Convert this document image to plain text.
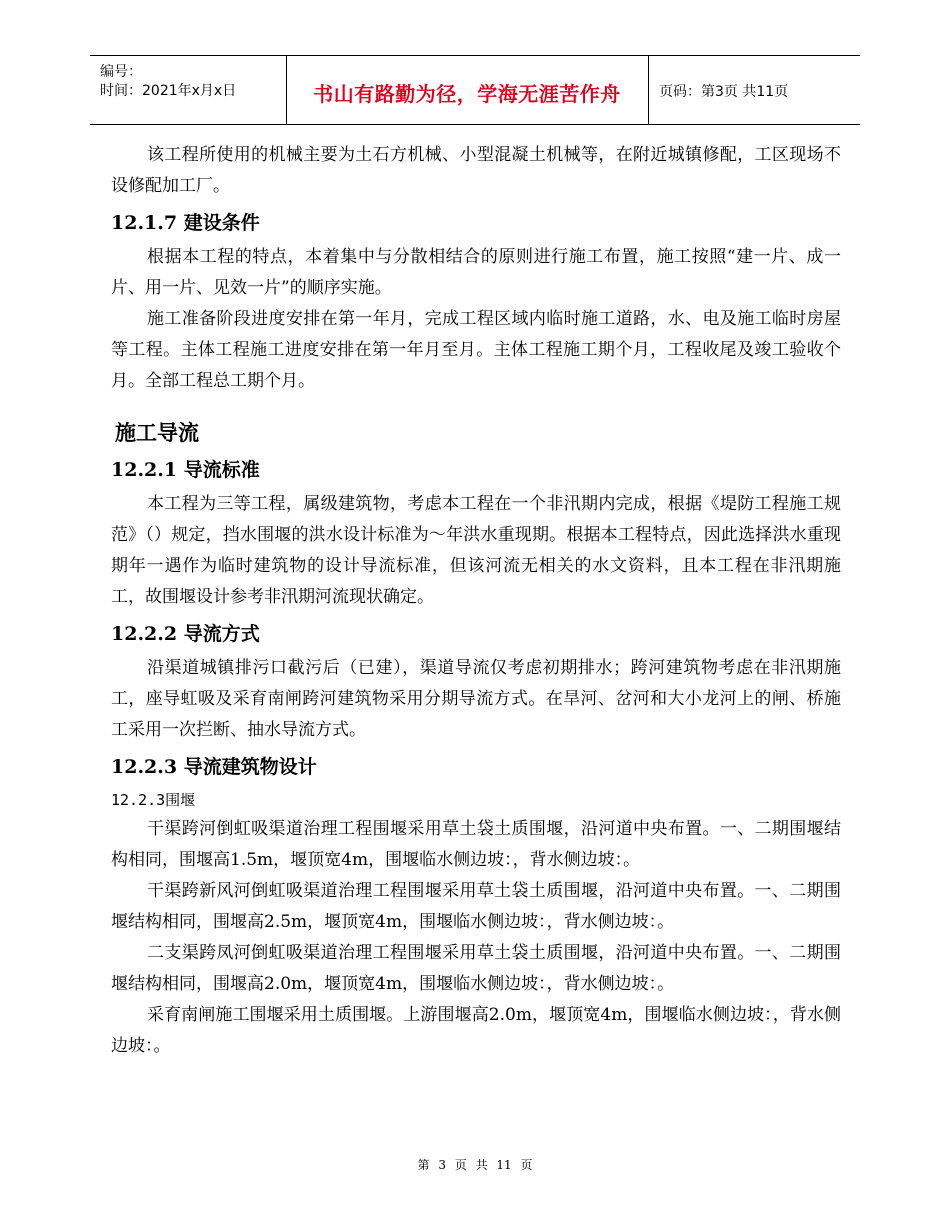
编号：
时间：2021年x月x日	书山有路勤为径，学海无涯苦作舟	页码：第3页 共11页

该工程所使用的机械主要为土石方机械、小型混凝土机械等，在附近城镇修配，工区现场不设修配加工厂。

12.1.7 建设条件

根据本工程的特点，本着集中与分散相结合的原则进行施工布置，施工按照“建一片、成一片、用一片、见效一片”的顺序实施。

施工准备阶段进度安排在第一年月，完成工程区域内临时施工道路，水、电及施工临时房屋等工程。主体工程施工进度安排在第一年月至月。主体工程施工期个月，工程收尾及竣工验收个月。全部工程总工期个月。

施工导流
12.2.1 导流标准

本工程为三等工程，属级建筑物，考虑本工程在一个非汛期内完成，根据《堤防工程施工规范》（）规定，挡水围堰的洪水设计标准为～年洪水重现期。根据本工程特点，因此选择洪水重现期年一遇作为临时建筑物的设计导流标准，但该河流无相关的水文资料，且本工程在非汛期施工，故围堰设计参考非汛期河流现状确定。

12.2.2 导流方式

沿渠道城镇排污口截污后（已建），渠道导流仅考虑初期排水；跨河建筑物考虑在非汛期施工，座导虹吸及采育南闸跨河建筑物采用分期导流方式。在旱河、岔河和大小龙河上的闸、桥施工采用一次拦断、抽水导流方式。

12.2.3 导流建筑物设计
12.2.3围堰

干渠跨河倒虹吸渠道治理工程围堰采用草土袋土质围堰，沿河道中央布置。一、二期围堰结构相同，围堰高1.5m，堰顶宽4m，围堰临水侧边坡：，背水侧边坡：。

干渠跨新风河倒虹吸渠道治理工程围堰采用草土袋土质围堰，沿河道中央布置。一、二期围堰结构相同，围堰高2.5m，堰顶宽4m，围堰临水侧边坡：，背水侧边坡：。

二支渠跨凤河倒虹吸渠道治理工程围堰采用草土袋土质围堰，沿河道中央布置。一、二期围堰结构相同，围堰高2.0m，堰顶宽4m，围堰临水侧边坡：，背水侧边坡：。

采育南闸施工围堰采用土质围堰。上游围堰高2.0m，堰顶宽4m，围堰临水侧边坡：，背水侧边坡：。

第 3 页 共 11 页
